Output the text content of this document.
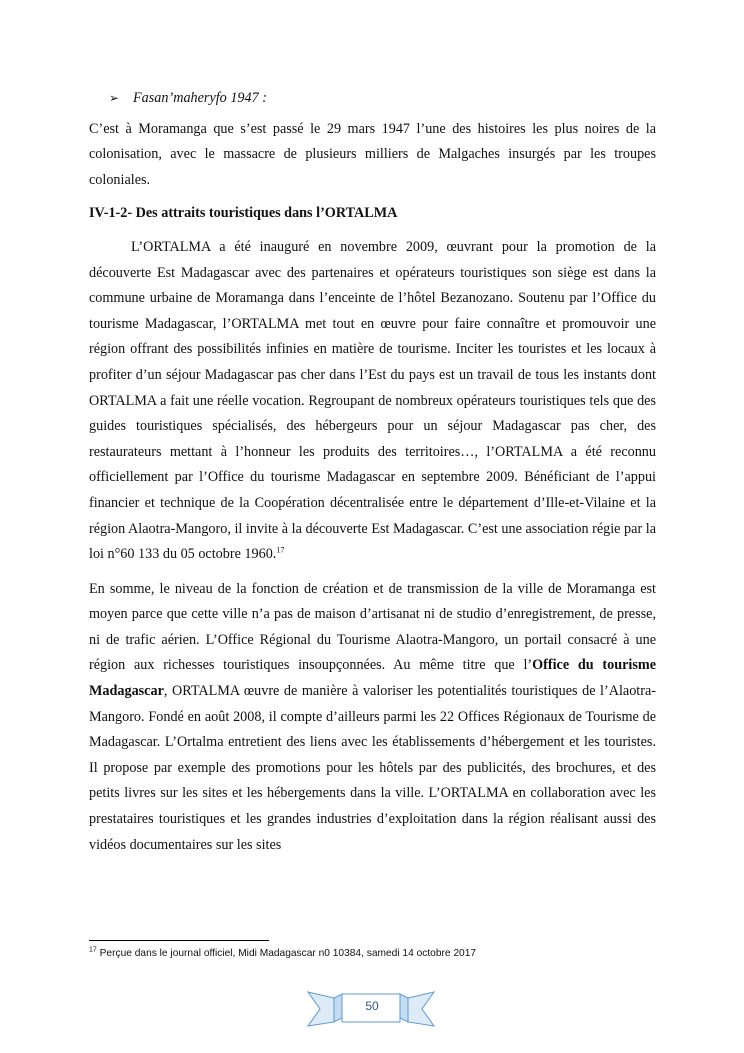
➢ Fasan’maheryfo 1947 :

C’est à Moramanga que s’est passé le 29 mars 1947 l’une des histoires les plus noires de la colonisation, avec le massacre de plusieurs milliers de Malgaches insurgés par les troupes coloniales.

IV-1-2- Des attraits touristiques dans l’ORTALMA

L’ORTALMA a été inauguré en novembre 2009, œuvrant pour la promotion de la découverte Est Madagascar avec des partenaires et opérateurs touristiques son siège est dans la commune urbaine de Moramanga dans l’enceinte de l’hôtel Bezanozano. Soutenu par l’Office du tourisme Madagascar, l’ORTALMA met tout en œuvre pour faire connaître et promouvoir une région offrant des possibilités infinies en matière de tourisme. Inciter les touristes et les locaux à profiter d’un séjour Madagascar pas cher dans l’Est du pays est un travail de tous les instants dont ORTALMA a fait une réelle vocation. Regroupant de nombreux opérateurs touristiques tels que des guides touristiques spécialisés, des hébergeurs pour un séjour Madagascar pas cher, des restaurateurs mettant à l’honneur les produits des territoires…, l’ORTALMA a été reconnu officiellement par l’Office du tourisme Madagascar en septembre 2009. Bénéficiant de l’appui financier et technique de la Coopération décentralisée entre le département d’Ille-et-Vilaine et la région Alaotra-Mangoro, il invite à la découverte Est Madagascar. C’est une association régie par la loi n°60 133 du 05 octobre 1960.17

En somme, le niveau de la fonction de création et de transmission de la ville de Moramanga est moyen parce que cette ville n’a pas de maison d’artisanat ni de studio d’enregistrement, de presse, ni de trafic aérien. L’Office Régional du Tourisme Alaotra-Mangoro, un portail consacré à une région aux richesses touristiques insoupçonnées. Au même titre que l’Office du tourisme Madagascar, ORTALMA œuvre de manière à valoriser les potentialités touristiques de l’Alaotra-Mangoro. Fondé en août 2008, il compte d’ailleurs parmi les 22 Offices Régionaux de Tourisme de Madagascar. L’Ortalma entretient des liens avec les établissements d’hébergement et les touristes. Il propose par exemple des promotions pour les hôtels par des publicités, des brochures, et des petits livres sur les sites et les hébergements dans la ville. L’ORTALMA en collaboration avec les prestataires touristiques et les grandes industries d’exploitation dans la région réalisant aussi des vidéos documentaires sur les sites

$^{17}$ Perçue dans le journal officiel, Midi Madagascar n0 10384, samedi 14 octobre 2017
50
